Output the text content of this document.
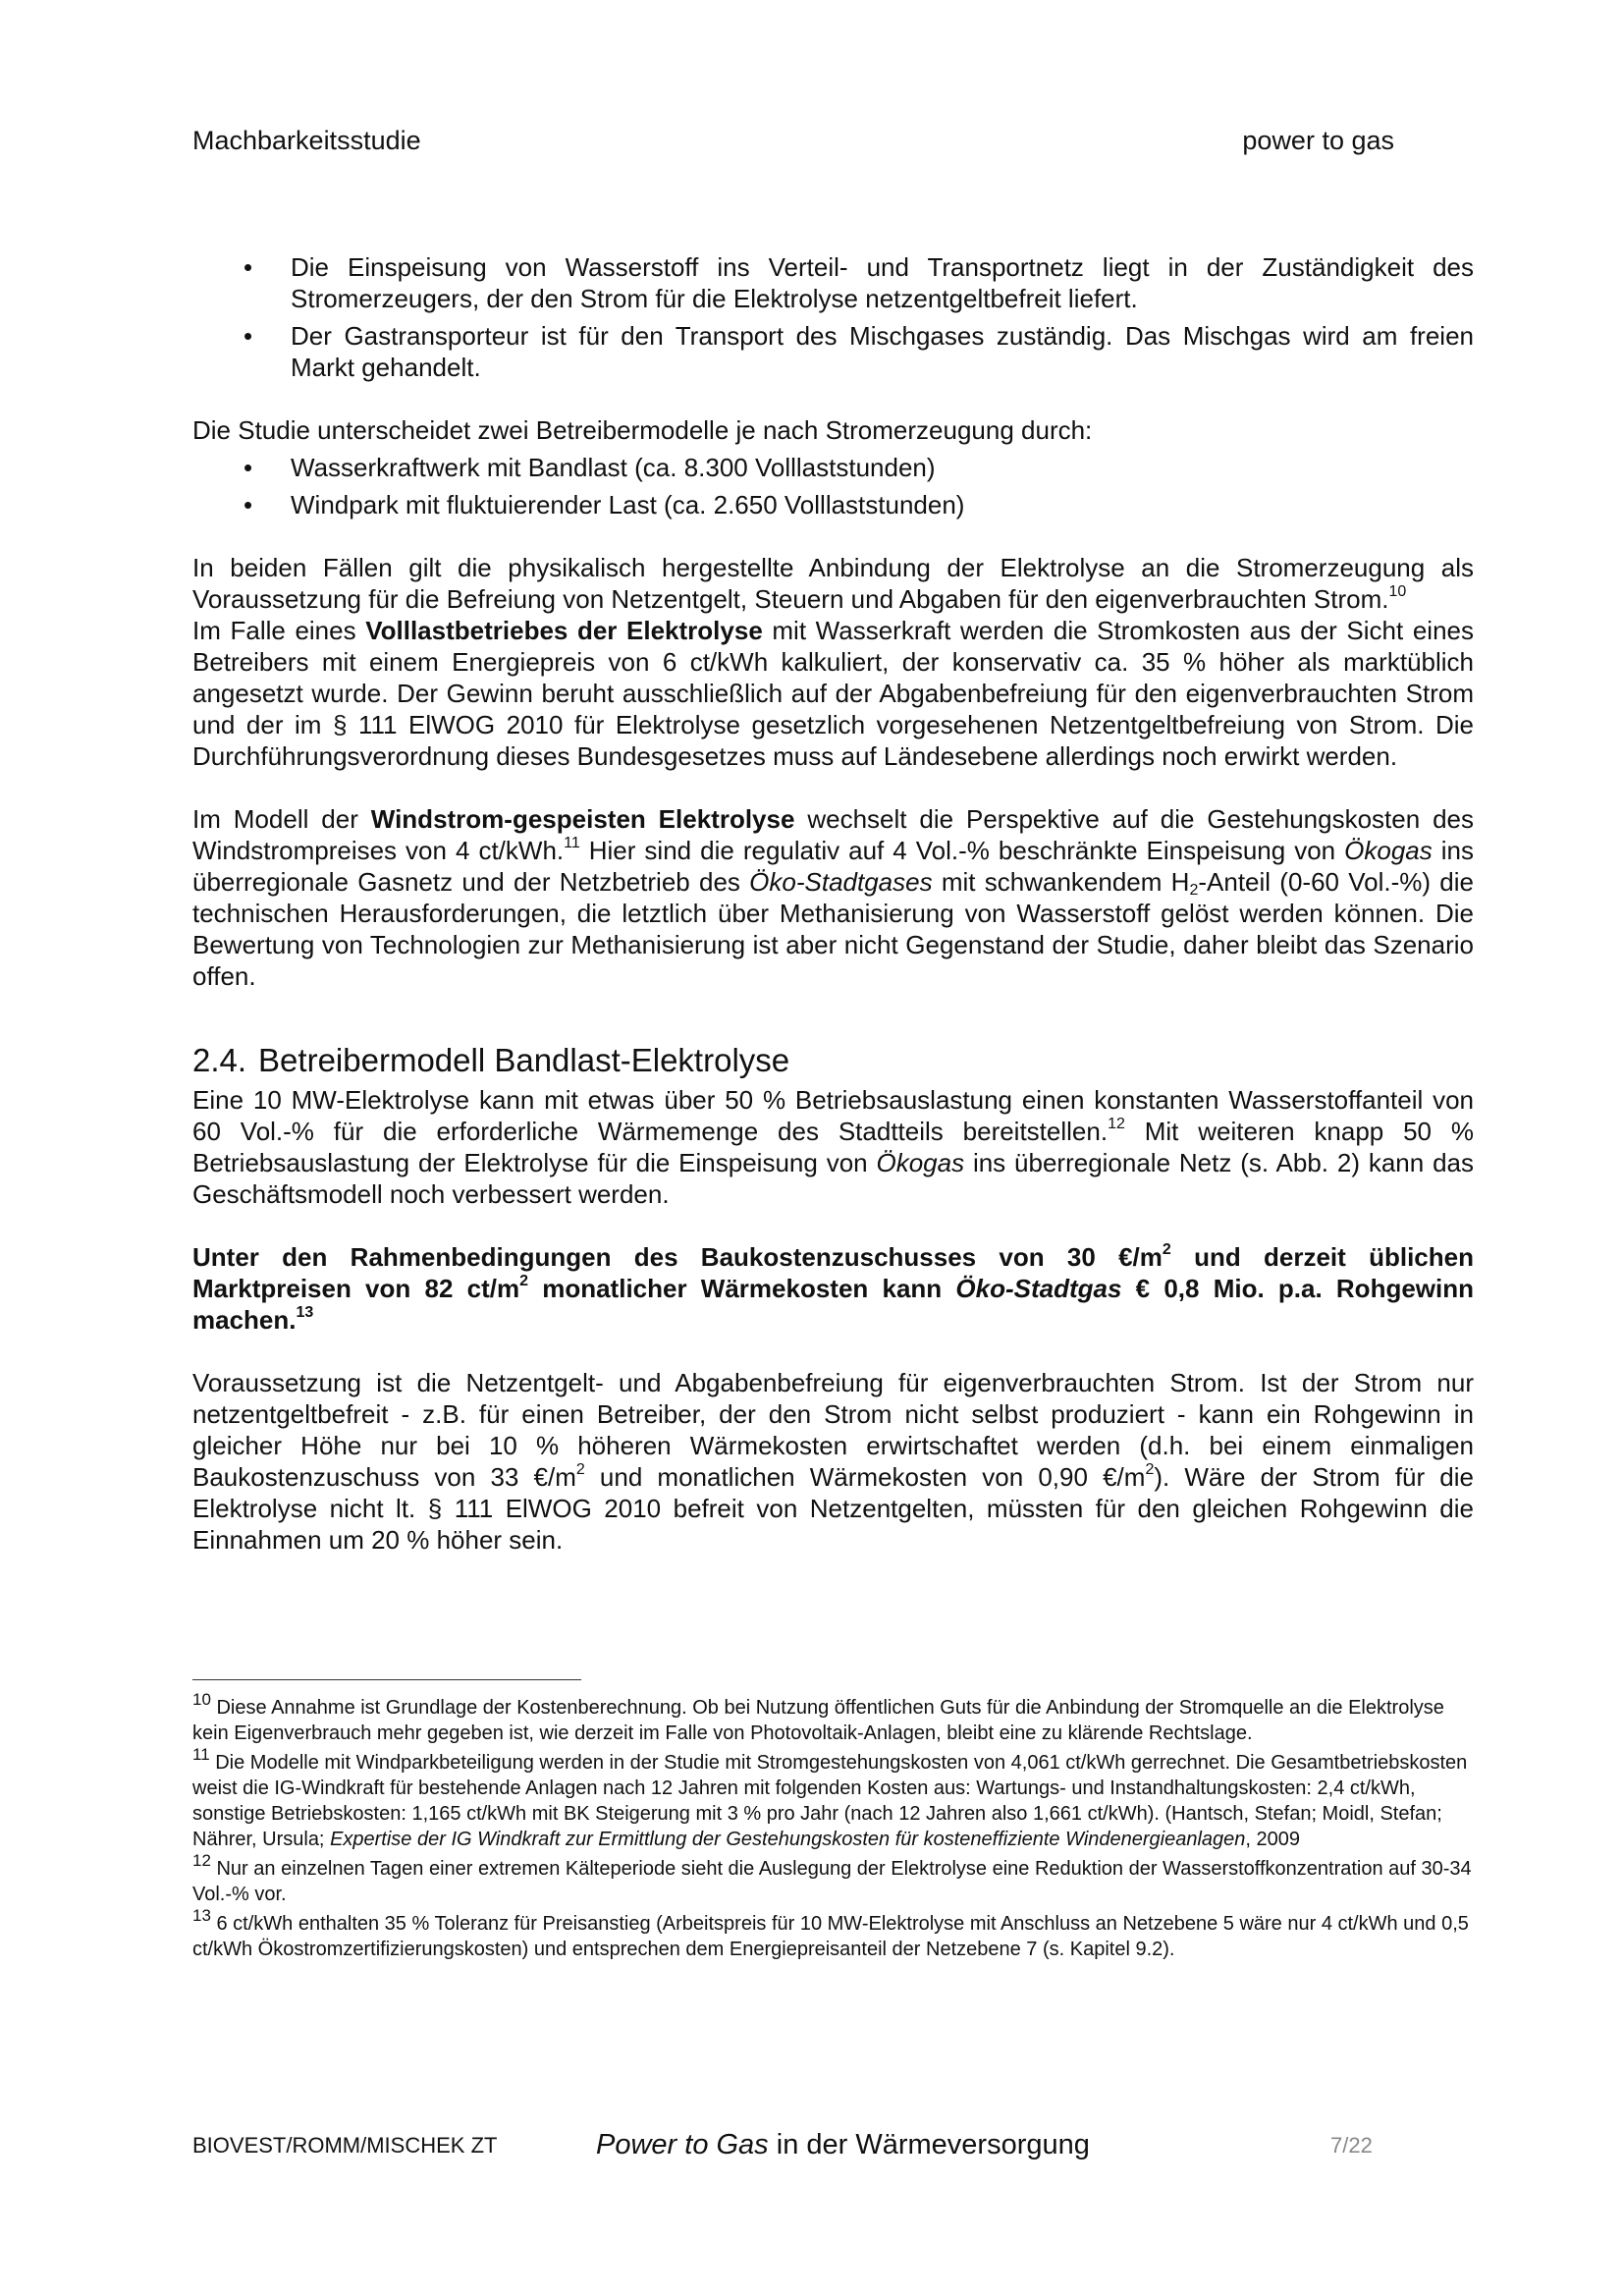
Machbarkeitsstudie	power to gas
• Die Einspeisung von Wasserstoff ins Verteil- und Transportnetz liegt in der Zuständigkeit des Stromerzeugers, der den Strom für die Elektrolyse netzentgeltbefreit liefert.
• Der Gastransporteur ist für den Transport des Mischgases zuständig. Das Mischgas wird am freien Markt gehandelt.

Die Studie unterscheidet zwei Betreibermodelle je nach Stromerzeugung durch:

• Wasserkraftwerk mit Bandlast (ca. 8.300 Volllaststunden)
• Windpark mit fluktuierender Last (ca. 2.650 Volllaststunden)

In beiden Fällen gilt die physikalisch hergestellte Anbindung der Elektrolyse an die Stromerzeugung als Voraussetzung für die Befreiung von Netzentgelt, Steuern und Abgaben für den eigenverbrauchten Strom.$^{10}$

Im Falle eines Volllastbetriebes der Elektrolyse mit Wasserkraft werden die Stromkosten aus der Sicht eines Betreibers mit einem Energiepreis von 6 ct/kWh kalkuliert, der konservativ ca. 35 % höher als marktüblich angesetzt wurde. Der Gewinn beruht ausschließlich auf der Abgabenbefreiung für den eigenverbrauchten Strom und der im § 111 ElWOG 2010 für Elektrolyse gesetzlich vorgesehenen Netzentgeltbefreiung von Strom. Die Durchführungsverordnung dieses Bundesgesetzes muss auf Ländesebene allerdings noch erwirkt werden.

Im Modell der Windstrom-gespeisten Elektrolyse wechselt die Perspektive auf die Gestehungskosten des Windstrompreises von 4 ct/kWh.$^{11}$ Hier sind die regulativ auf 4 Vol.-% beschränkte Einspeisung von Ökogas ins überregionale Gasnetz und der Netzbetrieb des Öko-Stadtgases mit schwankendem $H_2$-Anteil (0-60 Vol.-%) die technischen Herausforderungen, die letztlich über Methanisierung von Wasserstoff gelöst werden können. Die Bewertung von Technologien zur Methanisierung ist aber nicht Gegenstand der Studie, daher bleibt das Szenario offen.

2.4. Betreibermodell Bandlast-Elektrolyse

Eine 10 MW-Elektrolyse kann mit etwas über 50 % Betriebsauslastung einen konstanten Wasserstoffanteil von 60 Vol.-% für die erforderliche Wärmemenge des Stadtteils bereitstellen.$^{12}$ Mit weiteren knapp 50 % Betriebsauslastung der Elektrolyse für die Einspeisung von Ökogas ins überregionale Netz (s. Abb. 2) kann das Geschäftsmodell noch verbessert werden.

Unter den Rahmenbedingungen des Baukostenzuschusses von 30 $€/m^2$ und derzeit üblichen Marktpreisen von 82 $ct/m^2$ monatlicher Wärmekosten kann Öko-Stadtgas € 0,8 Mio. p.a. Rohgewinn machen.$^{13}$

Voraussetzung ist die Netzentgelt- und Abgabenbefreiung für eigenverbrauchten Strom. Ist der Strom nur netzentgeltbefreit - z.B. für einen Betreiber, der den Strom nicht selbst produziert - kann ein Rohgewinn in gleicher Höhe nur bei 10 % höheren Wärmekosten erwirtschaftet werden (d.h. bei einem einmaligen Baukostenzuschuss von 33 $€/m^2$ und monatlichen Wärmekosten von 0,90 $€/m^2$). Wäre der Strom für die Elektrolyse nicht lt. § 111 ElWOG 2010 befreit von Netzentgelten, müssten für den gleichen Rohgewinn die Einnahmen um 20 % höher sein.

$^{10}$ Diese Annahme ist Grundlage der Kostenberechnung. Ob bei Nutzung öffentlichen Guts für die Anbindung der Stromquelle an die Elektrolyse kein Eigenverbrauch mehr gegeben ist, wie derzeit im Falle von Photovoltaik-Anlagen, bleibt eine zu klärende Rechtslage.

$^{11}$ Die Modelle mit Windparkbeteiligung werden in der Studie mit Stromgestehungskosten von 4,061 ct/kWh gerrechnet. Die Gesamtbetriebskosten weist die IG-Windkraft für bestehende Anlagen nach 12 Jahren mit folgenden Kosten aus: Wartungs- und Instandhaltungskosten: 2,4 ct/kWh, sonstige Betriebskosten: 1,165 ct/kWh mit BK Steigerung mit 3 % pro Jahr (nach 12 Jahren also 1,661 ct/kWh). (Hantsch, Stefan; Moidl, Stefan; Nährer, Ursula; Expertise der IG Windkraft zur Ermittlung der Gestehungskosten für kosteneffiziente Windenergieanlagen, 2009

$^{12}$ Nur an einzelnen Tagen einer extremen Kälteperiode sieht die Auslegung der Elektrolyse eine Reduktion der Wasserstoffkonzentration auf 30-34 Vol.-% vor.

$^{13}$ 6 ct/kWh enthalten 35 % Toleranz für Preisanstieg (Arbeitspreis für 10 MW-Elektrolyse mit Anschluss an Netzebene 5 wäre nur 4 ct/kWh und 0,5 ct/kWh Ökostromzertifizierungskosten) und entsprechen dem Energiepreisanteil der Netzebene 7 (s. Kapitel 9.2).

BIOVEST/ROMM/MISCHEK ZT	Power to Gas in der Wärmeversorgung	7/22
